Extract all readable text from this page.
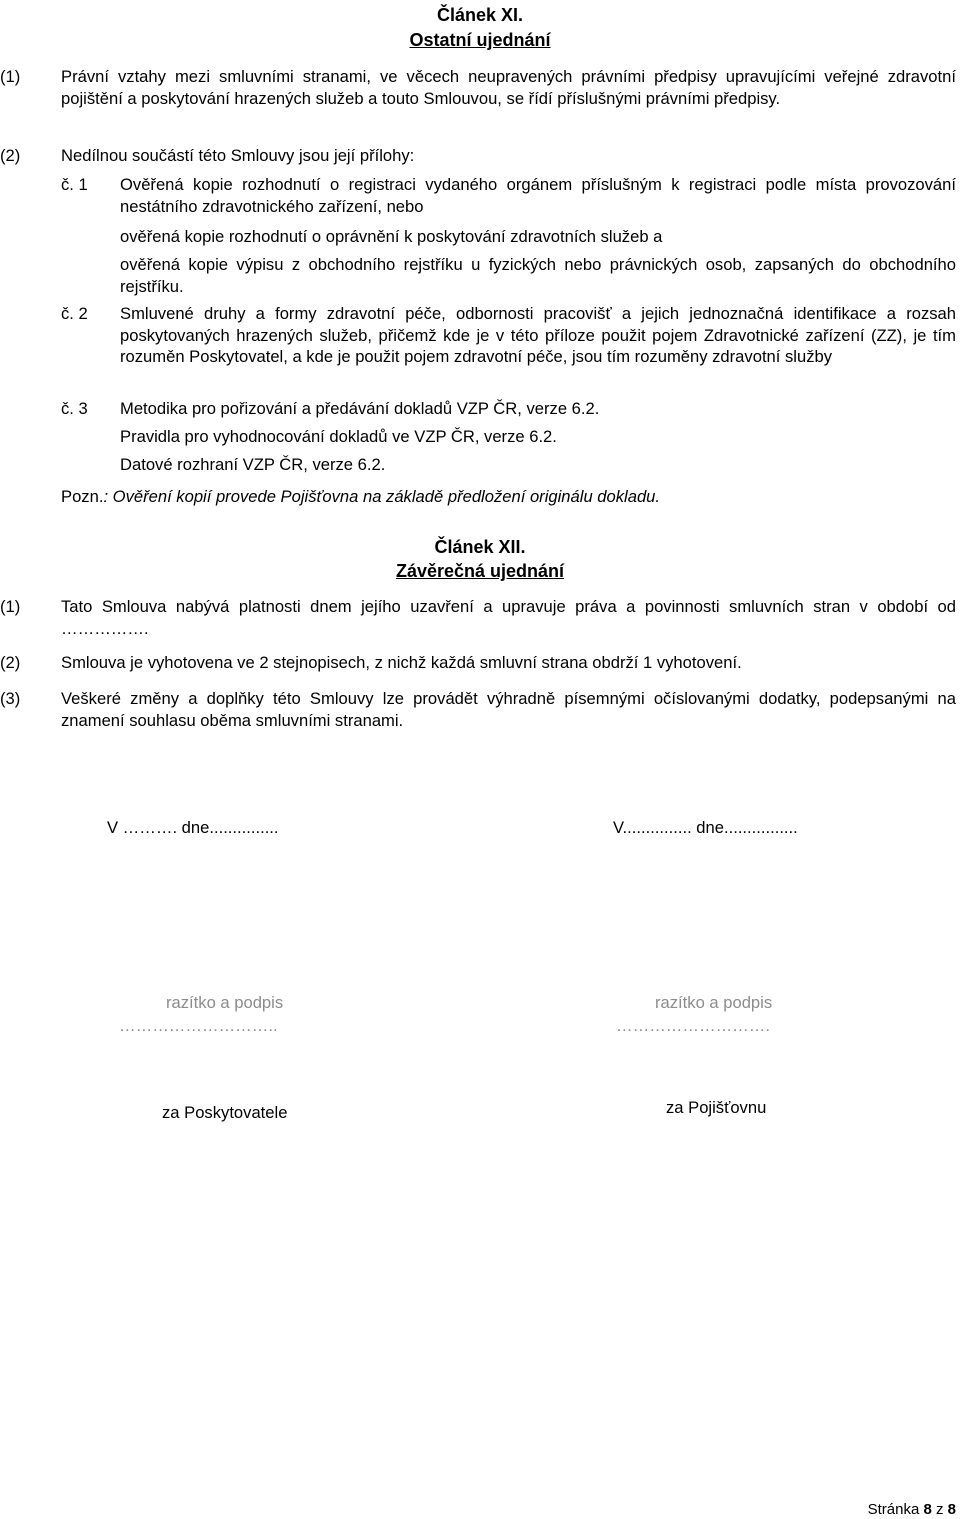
Článek XI.
Ostatní ujednání
(1) Právní vztahy mezi smluvními stranami, ve věcech neupravených právními předpisy upravujícími veřejné zdravotní pojištění a poskytování hrazených služeb a touto Smlouvou, se řídí příslušnými právními předpisy.
(2) Nedílnou součástí této Smlouvy jsou její přílohy:
č. 1 Ověřená kopie rozhodnutí o registraci vydaného orgánem příslušným k registraci podle místa provozování nestátního zdravotnického zařízení, nebo
ověřená kopie rozhodnutí o oprávnění k poskytování zdravotních služeb a
ověřená kopie výpisu z obchodního rejstříku u fyzických nebo právnických osob, zapsaných do obchodního rejstříku.
č. 2 Smluvené druhy a formy zdravotní péče, odbornosti pracovišť a jejich jednoznačná identifikace a rozsah poskytovaných hrazených služeb, přičemž kde je v této příloze použit pojem Zdravotnické zařízení (ZZ), je tím rozuměn Poskytovatel, a kde je použit pojem zdravotní péče, jsou tím rozuměny zdravotní služby
č. 3 Metodika pro pořizování a předávání dokladů VZP ČR, verze 6.2.
Pravidla pro vyhodnocování dokladů ve VZP ČR, verze 6.2.
Datové rozhraní VZP ČR, verze 6.2.
Pozn.: Ověření kopií provede Pojišťovna na základě předložení originálu dokladu.
Článek XII.
Závěrečná ujednání
(1) Tato Smlouva nabývá platnosti dnem jejího uzavření a upravuje práva a povinnosti smluvních stran v období od …………….
(2) Smlouva je vyhotovena ve 2 stejnopisech, z nichž každá smluvní strana obdrží 1 vyhotovení.
(3) Veškeré změny a doplňky této Smlouvy lze provádět výhradně písemnými očíslovanými dodatky, podepsanými na znamení souhlasu oběma smluvními stranami.
V ………. dne...............	V............... dne................
razítko a podpis	razítko a podpis
………………………..	……………………….
za Poskytovatele	za Pojišťovnu
Stránka 8 z 8
